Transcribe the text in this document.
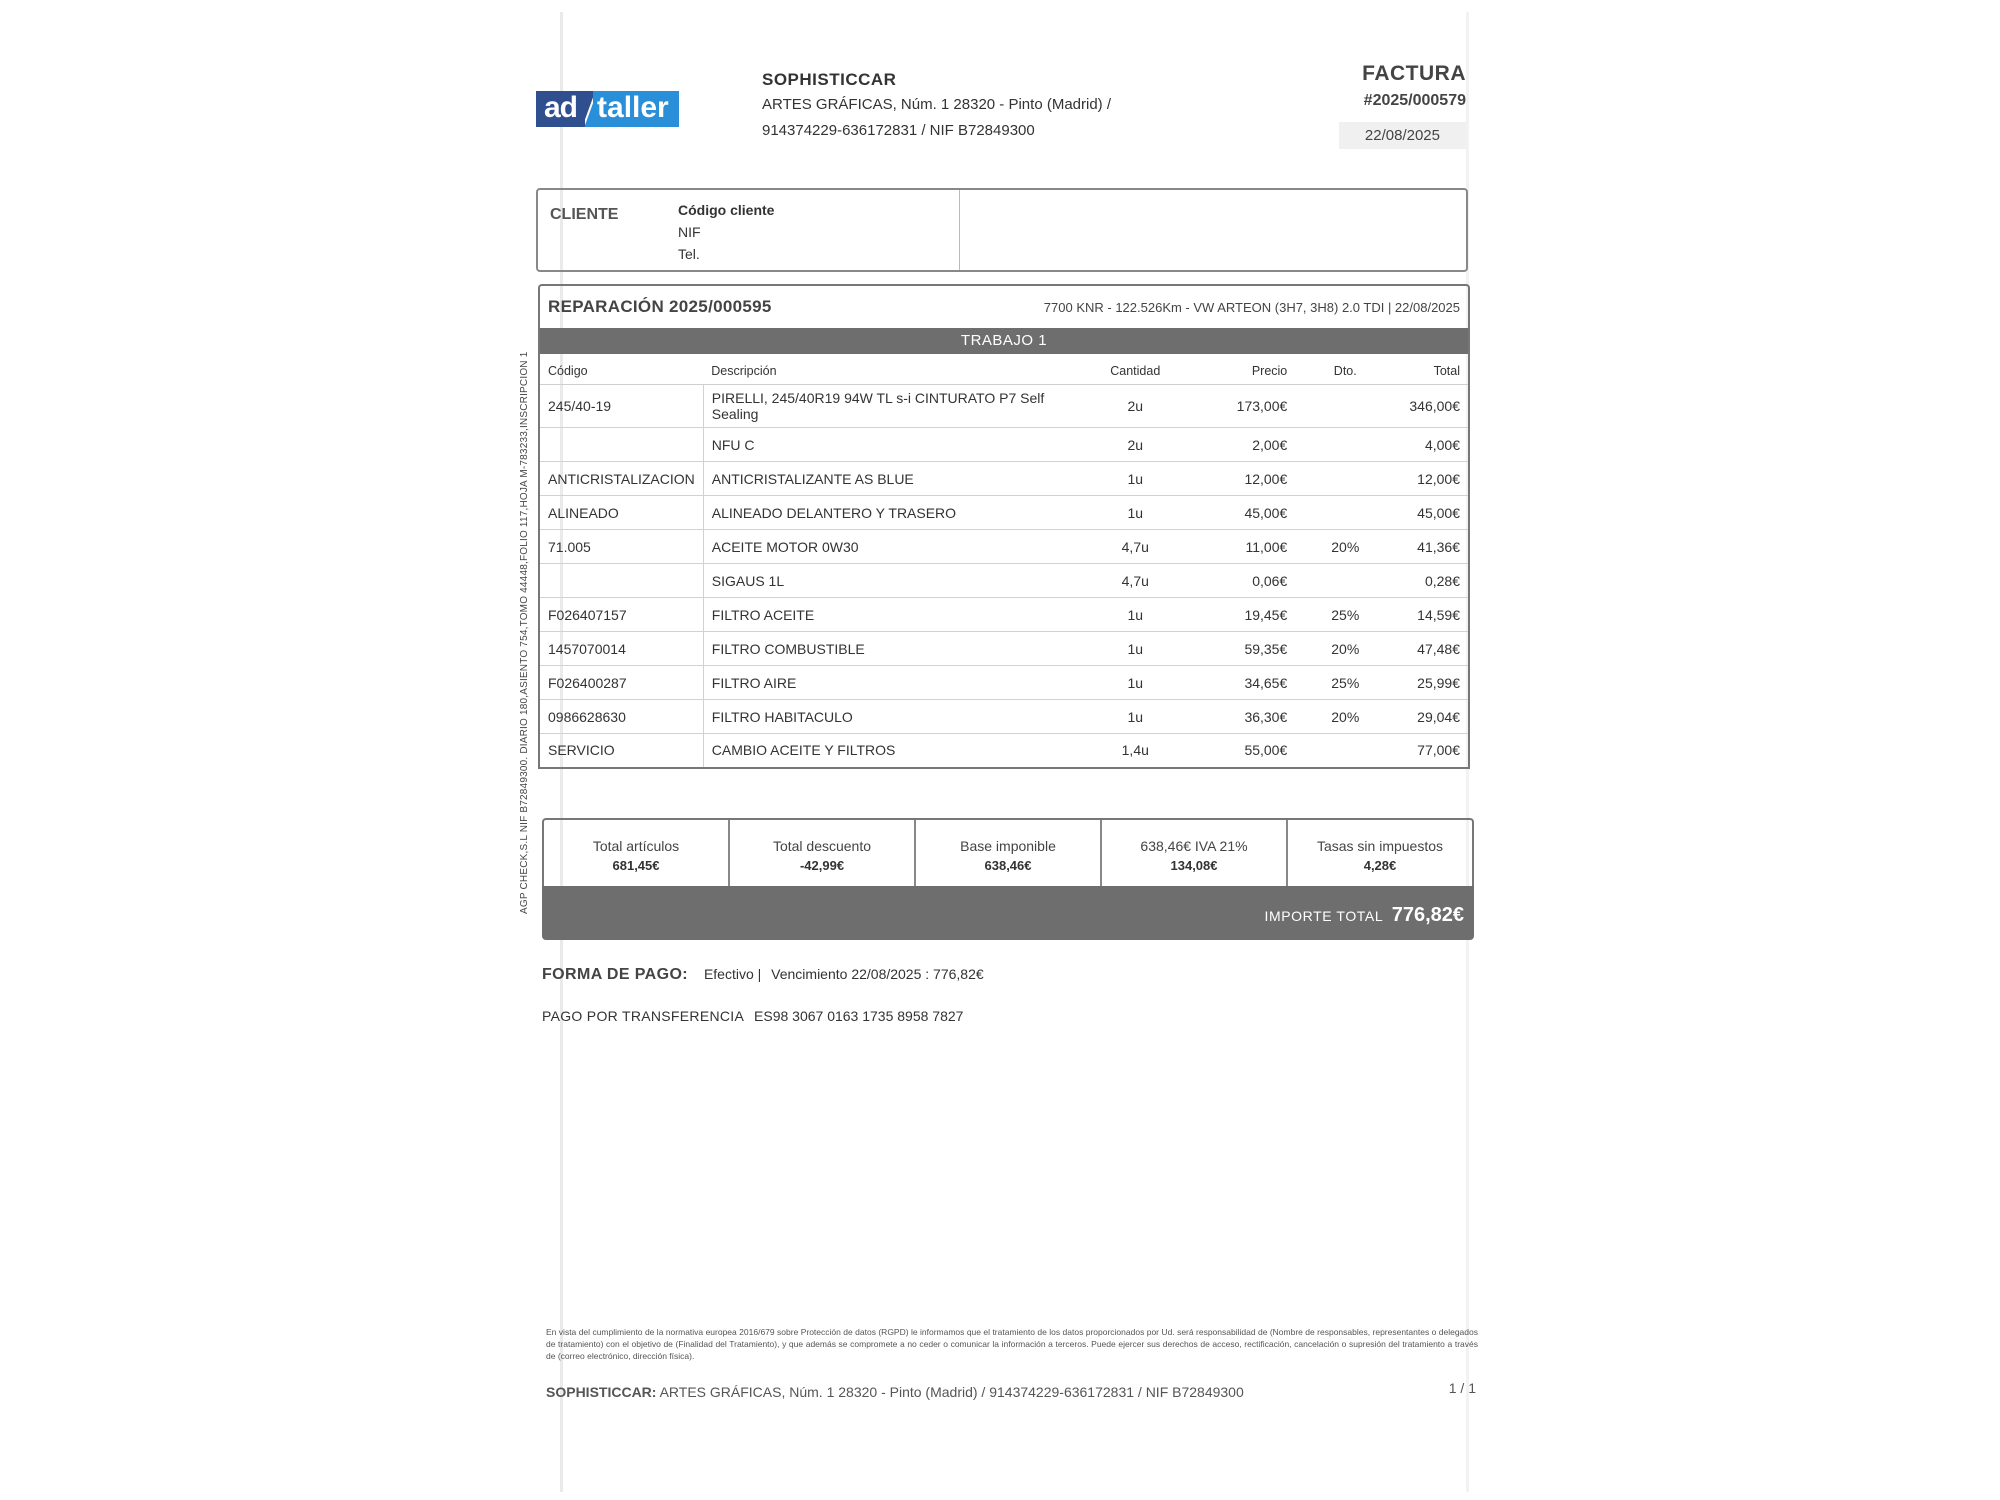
AGP CHECK,S.L NIF B72849300. DIARIO 180,ASIENTO 754,TOMO 44448,FOLIO 117,HOJA M-783233,INSCRIPCION 1
ad taller
SOPHISTICCAR
ARTES GRÁFICAS, Núm. 1 28320 - Pinto (Madrid) /
914374229-636172831 / NIF B72849300
FACTURA
#2025/000579
22/08/2025
CLIENTE	Código cliente
NIF
Tel.
REPARACIÓN 2025/000595	7700 KNR - 122.526Km - VW ARTEON (3H7, 3H8) 2.0 TDI | 22/08/2025
TRABAJO 1
Código	Descripción	Cantidad	Precio	Dto.	Total
245/40-19	PIRELLI, 245/40R19 94W TL s-i CINTURATO P7 Self Sealing	2u	173,00€		346,00€
	NFU C	2u	2,00€		4,00€
ANTICRISTALIZACION	ANTICRISTALIZANTE AS BLUE	1u	12,00€		12,00€
ALINEADO	ALINEADO DELANTERO Y TRASERO	1u	45,00€		45,00€
71.005	ACEITE MOTOR 0W30	4,7u	11,00€	20%	41,36€
	SIGAUS 1L	4,7u	0,06€		0,28€
F026407157	FILTRO ACEITE	1u	19,45€	25%	14,59€
1457070014	FILTRO COMBUSTIBLE	1u	59,35€	20%	47,48€
F026400287	FILTRO AIRE	1u	34,65€	25%	25,99€
0986628630	FILTRO HABITACULO	1u	36,30€	20%	29,04€
SERVICIO	CAMBIO ACEITE Y FILTROS	1,4u	55,00€		77,00€
Total artículos
681,45€
Total descuento
-42,99€
Base imponible
638,46€
638,46€ IVA 21%
134,08€
Tasas sin impuestos
4,28€
IMPORTE TOTAL 776,82€
FORMA DE PAGO: Efectivo | Vencimiento 22/08/2025 : 776,82€
PAGO POR TRANSFERENCIA ES98 3067 0163 1735 8958 7827
En vista del cumplimiento de la normativa europea 2016/679 sobre Protección de datos (RGPD) le informamos que el tratamiento de los datos proporcionados por Ud. será responsabilidad de (Nombre de responsables, representantes o delegados de tratamiento) con el objetivo de (Finalidad del Tratamiento), y que además se compromete a no ceder o comunicar la información a terceros. Puede ejercer sus derechos de acceso, rectificación, cancelación o supresión del tratamiento a través de (correo electrónico, dirección física).
SOPHISTICCAR: ARTES GRÁFICAS, Núm. 1 28320 - Pinto (Madrid) / 914374229-636172831 / NIF B72849300	1 / 1
